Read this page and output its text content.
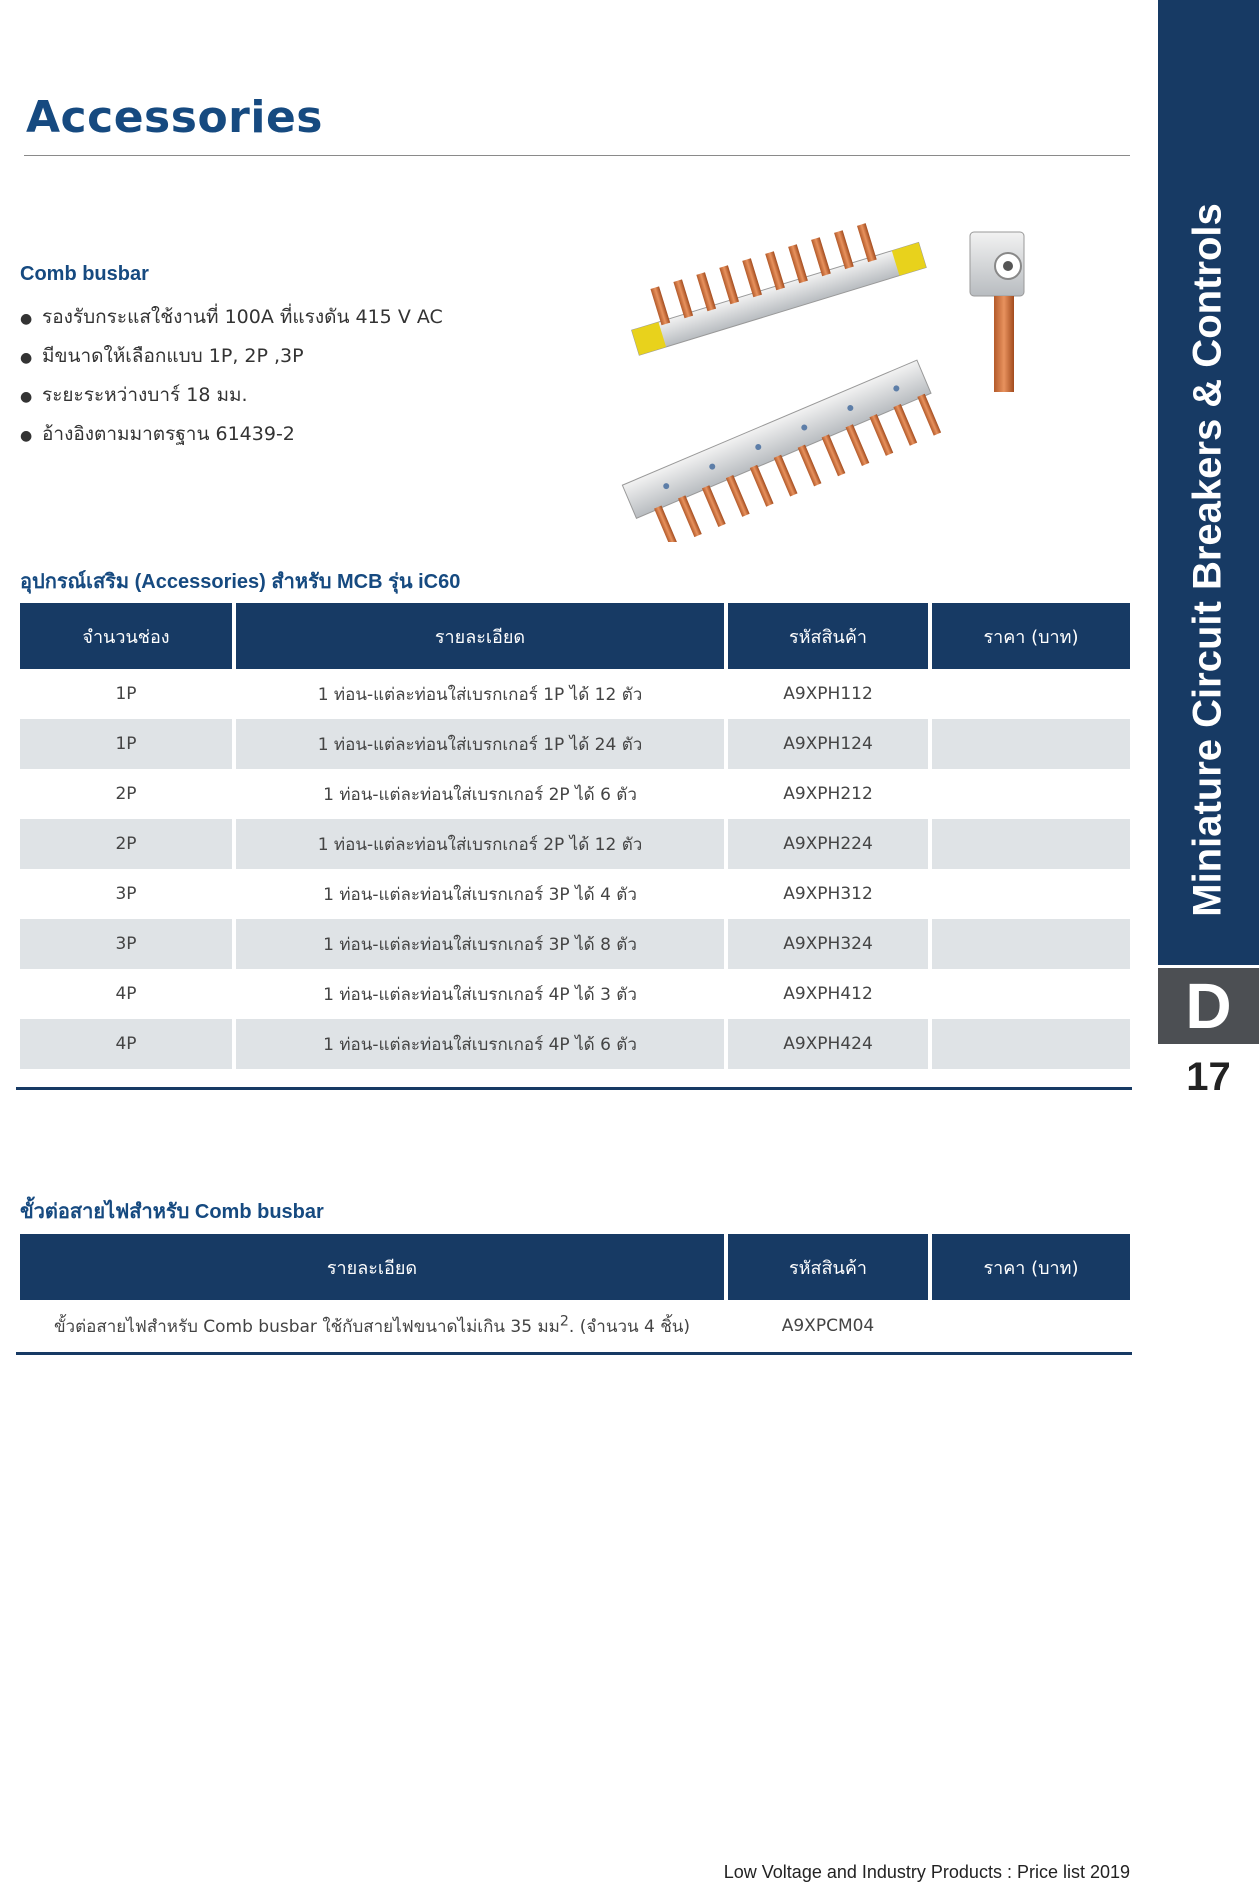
Accessories
Miniature Circuit Breakers & Controls
D
17
Comb busbar
● รองรับกระแสใช้งานที่ 100A ที่แรงดัน 415 V AC
● มีขนาดให้เลือกแบบ 1P, 2P ,3P
● ระยะระหว่างบาร์ 18 มม.
● อ้างอิงตามมาตรฐาน 61439-2
อุปกรณ์เสริม (Accessories) สำหรับ MCB รุ่น iC60
จำนวนช่อง	รายละเอียด	รหัสสินค้า	ราคา (บาท)
1P	1 ท่อน-แต่ละท่อนใส่เบรกเกอร์ 1P ได้ 12 ตัว	A9XPH112	
1P	1 ท่อน-แต่ละท่อนใส่เบรกเกอร์ 1P ได้ 24 ตัว	A9XPH124	
2P	1 ท่อน-แต่ละท่อนใส่เบรกเกอร์ 2P ได้ 6 ตัว	A9XPH212	
2P	1 ท่อน-แต่ละท่อนใส่เบรกเกอร์ 2P ได้ 12 ตัว	A9XPH224	
3P	1 ท่อน-แต่ละท่อนใส่เบรกเกอร์ 3P ได้ 4 ตัว	A9XPH312	
3P	1 ท่อน-แต่ละท่อนใส่เบรกเกอร์ 3P ได้ 8 ตัว	A9XPH324	
4P	1 ท่อน-แต่ละท่อนใส่เบรกเกอร์ 4P ได้ 3 ตัว	A9XPH412	
4P	1 ท่อน-แต่ละท่อนใส่เบรกเกอร์ 4P ได้ 6 ตัว	A9XPH424	
ขั้วต่อสายไฟสำหรับ Comb busbar
รายละเอียด	รหัสสินค้า	ราคา (บาท)
ขั้วต่อสายไฟสำหรับ Comb busbar ใช้กับสายไฟขนาดไม่เกิน 35 มม$^2$. (จำนวน 4 ชิ้น)	A9XPCM04	
Low Voltage and Industry Products : Price list 2019
